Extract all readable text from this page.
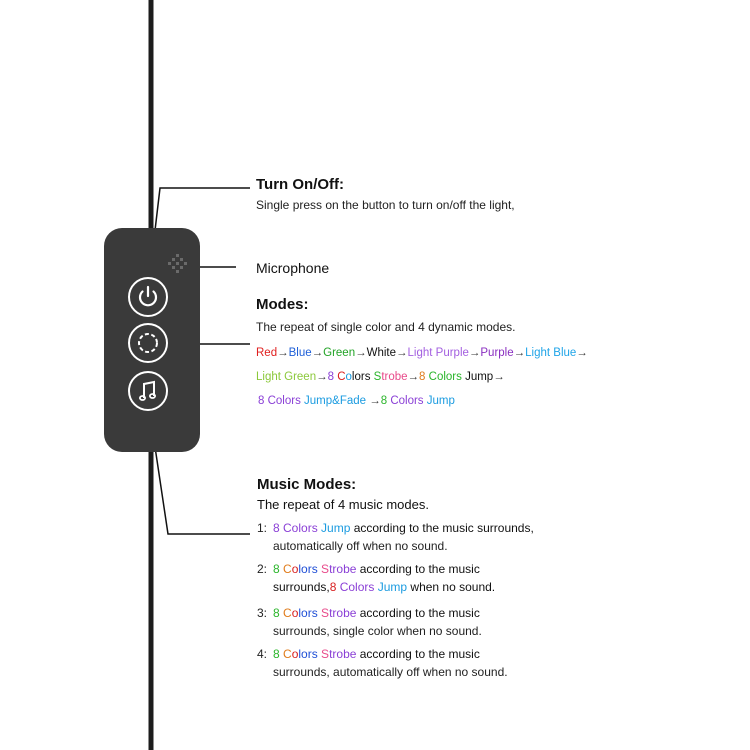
Turn On/Off:
Single press on the button to turn on/off the light,
Microphone
Modes:
The repeat of single color and 4 dynamic modes.
Red→Blue→Green→White→Light Purple→Purple→Light Blue→
Light Green→8 Colors Strobe→8 Colors Jump→
8 Colors Jump&Fade →8 Colors Jump
Music Modes:
The repeat of 4 music modes.
1: 8 Colors Jump according to the music surrounds,
automatically off when no sound.
2: 8 Colors Strobe according to the music
surrounds,8 Colors Jump when no sound.
3: 8 Colors Strobe according to the music
surrounds, single color when no sound.
4: 8 Colors Strobe according to the music
surrounds, automatically off when no sound.
